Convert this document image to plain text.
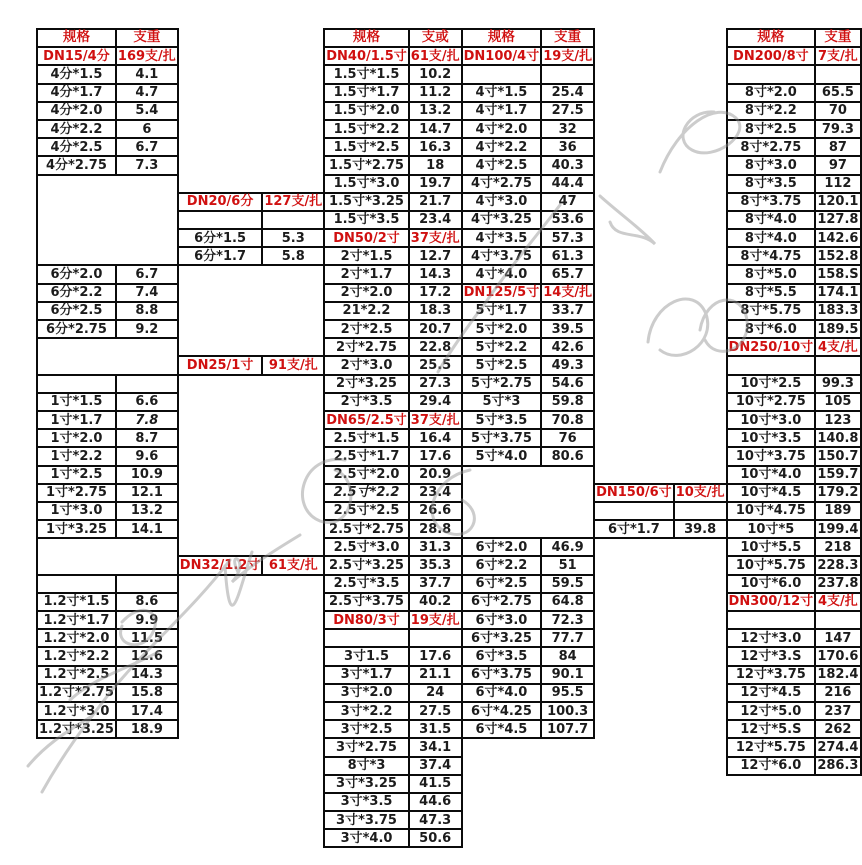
规格	支重		
DN15/4分	169支/扎		
4分*1.5	4.1		
4分*1.7	4.7		
4分*2.0	5.4		
4分*2.2	6		
4分*2.5	6.7		
4分*2.75	7.3		

		DN20/6分	127支/扎

		6分*1.5	5.3
		6分*1.7	5.8
6分*2.0	6.7		
6分*2.2	7.4		
6分*2.5	8.8		
6分*2.75	9.2		

		DN25/1寸	91支/扎

1寸*1.5	6.6		
1寸*1.7	7.8		
1寸*2.0	8.7		
1寸*2.2	9.6		
1寸*2.5	10.9		
1寸*2.75	12.1		
1寸*3.0	13.2		
1寸*3.25	14.1		

		DN32/1.2寸	61支/扎

1.2寸*1.5	8.6		
1.2寸*1.7	9.9		
1.2寸*2.0	11.5		
1.2寸*2.2	12.6		
1.2寸*2.5	14.3		
1.2寸*2.75	15.8		
1.2寸*3.0	17.4		
1.2寸*3.25	18.9		
规格	支或
DN40/1.5寸	61支/扎
1.5寸*1.5	10.2
1.5寸*1.7	11.2
1.5寸*2.0	13.2
1.5寸*2.2	14.7
1.5寸*2.5	16.3
1.5寸*2.75	18
1.5寸*3.0	19.7
1.5寸*3.25	21.7
1.5寸*3.5	23.4
DN50/2寸	37支/扎
2寸*1.5	12.7
2寸*1.7	14.3
2寸*2.0	17.2
21*2.2	18.3
2寸*2.5	20.7
2寸*2.75	22.8
2寸*3.0	25.5
2寸*3.25	27.3
2寸*3.5	29.4
DN65/2.5寸	37支/扎
2.5寸*1.5	16.4
2.5寸*1.7	17.6
2.5寸*2.0	20.9
2.5寸*2.2	23.4
2.5寸*2.5	26.6
2.5寸*2.75	28.8
2.5寸*3.0	31.3
2.5寸*3.25	35.3
2.5寸*3.5	37.7
2.5寸*3.75	40.2
DN80/3寸	19支/扎

3寸1.5	17.6
3寸*1.7	21.1
3寸*2.0	24
3寸*2.2	27.5
3寸*2.5	31.5
3寸*2.75	34.1
8寸*3	37.4
3寸*3.25	41.5
3寸*3.5	44.6
3寸*3.75	47.3
3寸*4.0	50.6
规格	支重		
DN100/4寸	19支/扎		

4寸*1.5	25.4		
4寸*1.7	27.5		
4寸*2.0	32		
4寸*2.2	36		
4寸*2.5	40.3		
4寸*2.75	44.4		
4寸*3.0	47		
4寸*3.25	53.6		
4寸*3.5	57.3		
4寸*3.75	61.3		
4寸*4.0	65.7		
DN125/5寸	14支/扎		
5寸*1.7	33.7		
5寸*2.0	39.5		
5寸*2.2	42.6		
5寸*2.5	49.3		
5寸*2.75	54.6		
5寸*3	59.8		
5寸*3.5	70.8		
5寸*3.75	76		
5寸*4.0	80.6		

		DN150/6寸	10支/扎

		6寸*1.7	39.8
6寸*2.0	46.9		
6寸*2.2	51		
6寸*2.5	59.5		
6寸*2.75	64.8		
6寸*3.0	72.3		
6寸*3.25	77.7		
6寸*3.5	84		
6寸*3.75	90.1		
6寸*4.0	95.5		
6寸*4.25	100.3		
6寸*4.5	107.7		
规格	支重
DN200/8寸	7支/扎

8寸*2.0	65.5
8寸*2.2	70
8寸*2.5	79.3
8寸*2.75	87
8寸*3.0	97
8寸*3.5	112
8寸*3.75	120.1
8寸*4.0	127.8
8寸*4.0	142.6
8寸*4.75	152.8
8寸*5.0	158.S
8寸*5.5	174.1
8寸*5.75	183.3
8寸*6.0	189.5
DN250/10寸	4支/扎

10寸*2.5	99.3
10寸*2.75	105
10寸*3.0	123
10寸*3.5	140.8
10寸*3.75	150.7
10寸*4.0	159.7
10寸*4.5	179.2
10寸*4.75	189
10寸*5	199.4
10寸*5.5	218
10寸*5.75	228.3
10寸*6.0	237.8
DN300/12寸	4支/扎

12寸*3.0	147
12寸*3.S	170.6
12寸*3.75	182.4
12寸*4.5	216
12寸*5.0	237
12寸*5.S	262
12寸*5.75	274.4
12寸*6.0	286.3
